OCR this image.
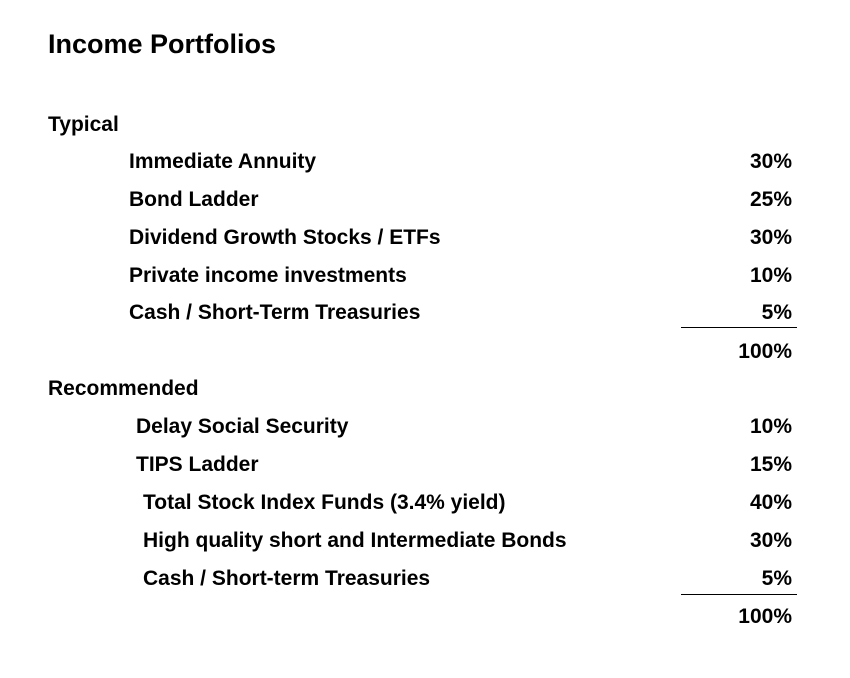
Income Portfolios
Typical
Immediate Annuity	30%
Bond Ladder	25%
Dividend Growth Stocks / ETFs	30%
Private income investments	10%
Cash / Short-Term Treasuries	5%
100%
Recommended
Delay Social Security	10%
TIPS Ladder	15%
Total Stock Index Funds (3.4% yield)	40%
High quality short and Intermediate Bonds	30%
Cash / Short-term Treasuries	5%
100%
